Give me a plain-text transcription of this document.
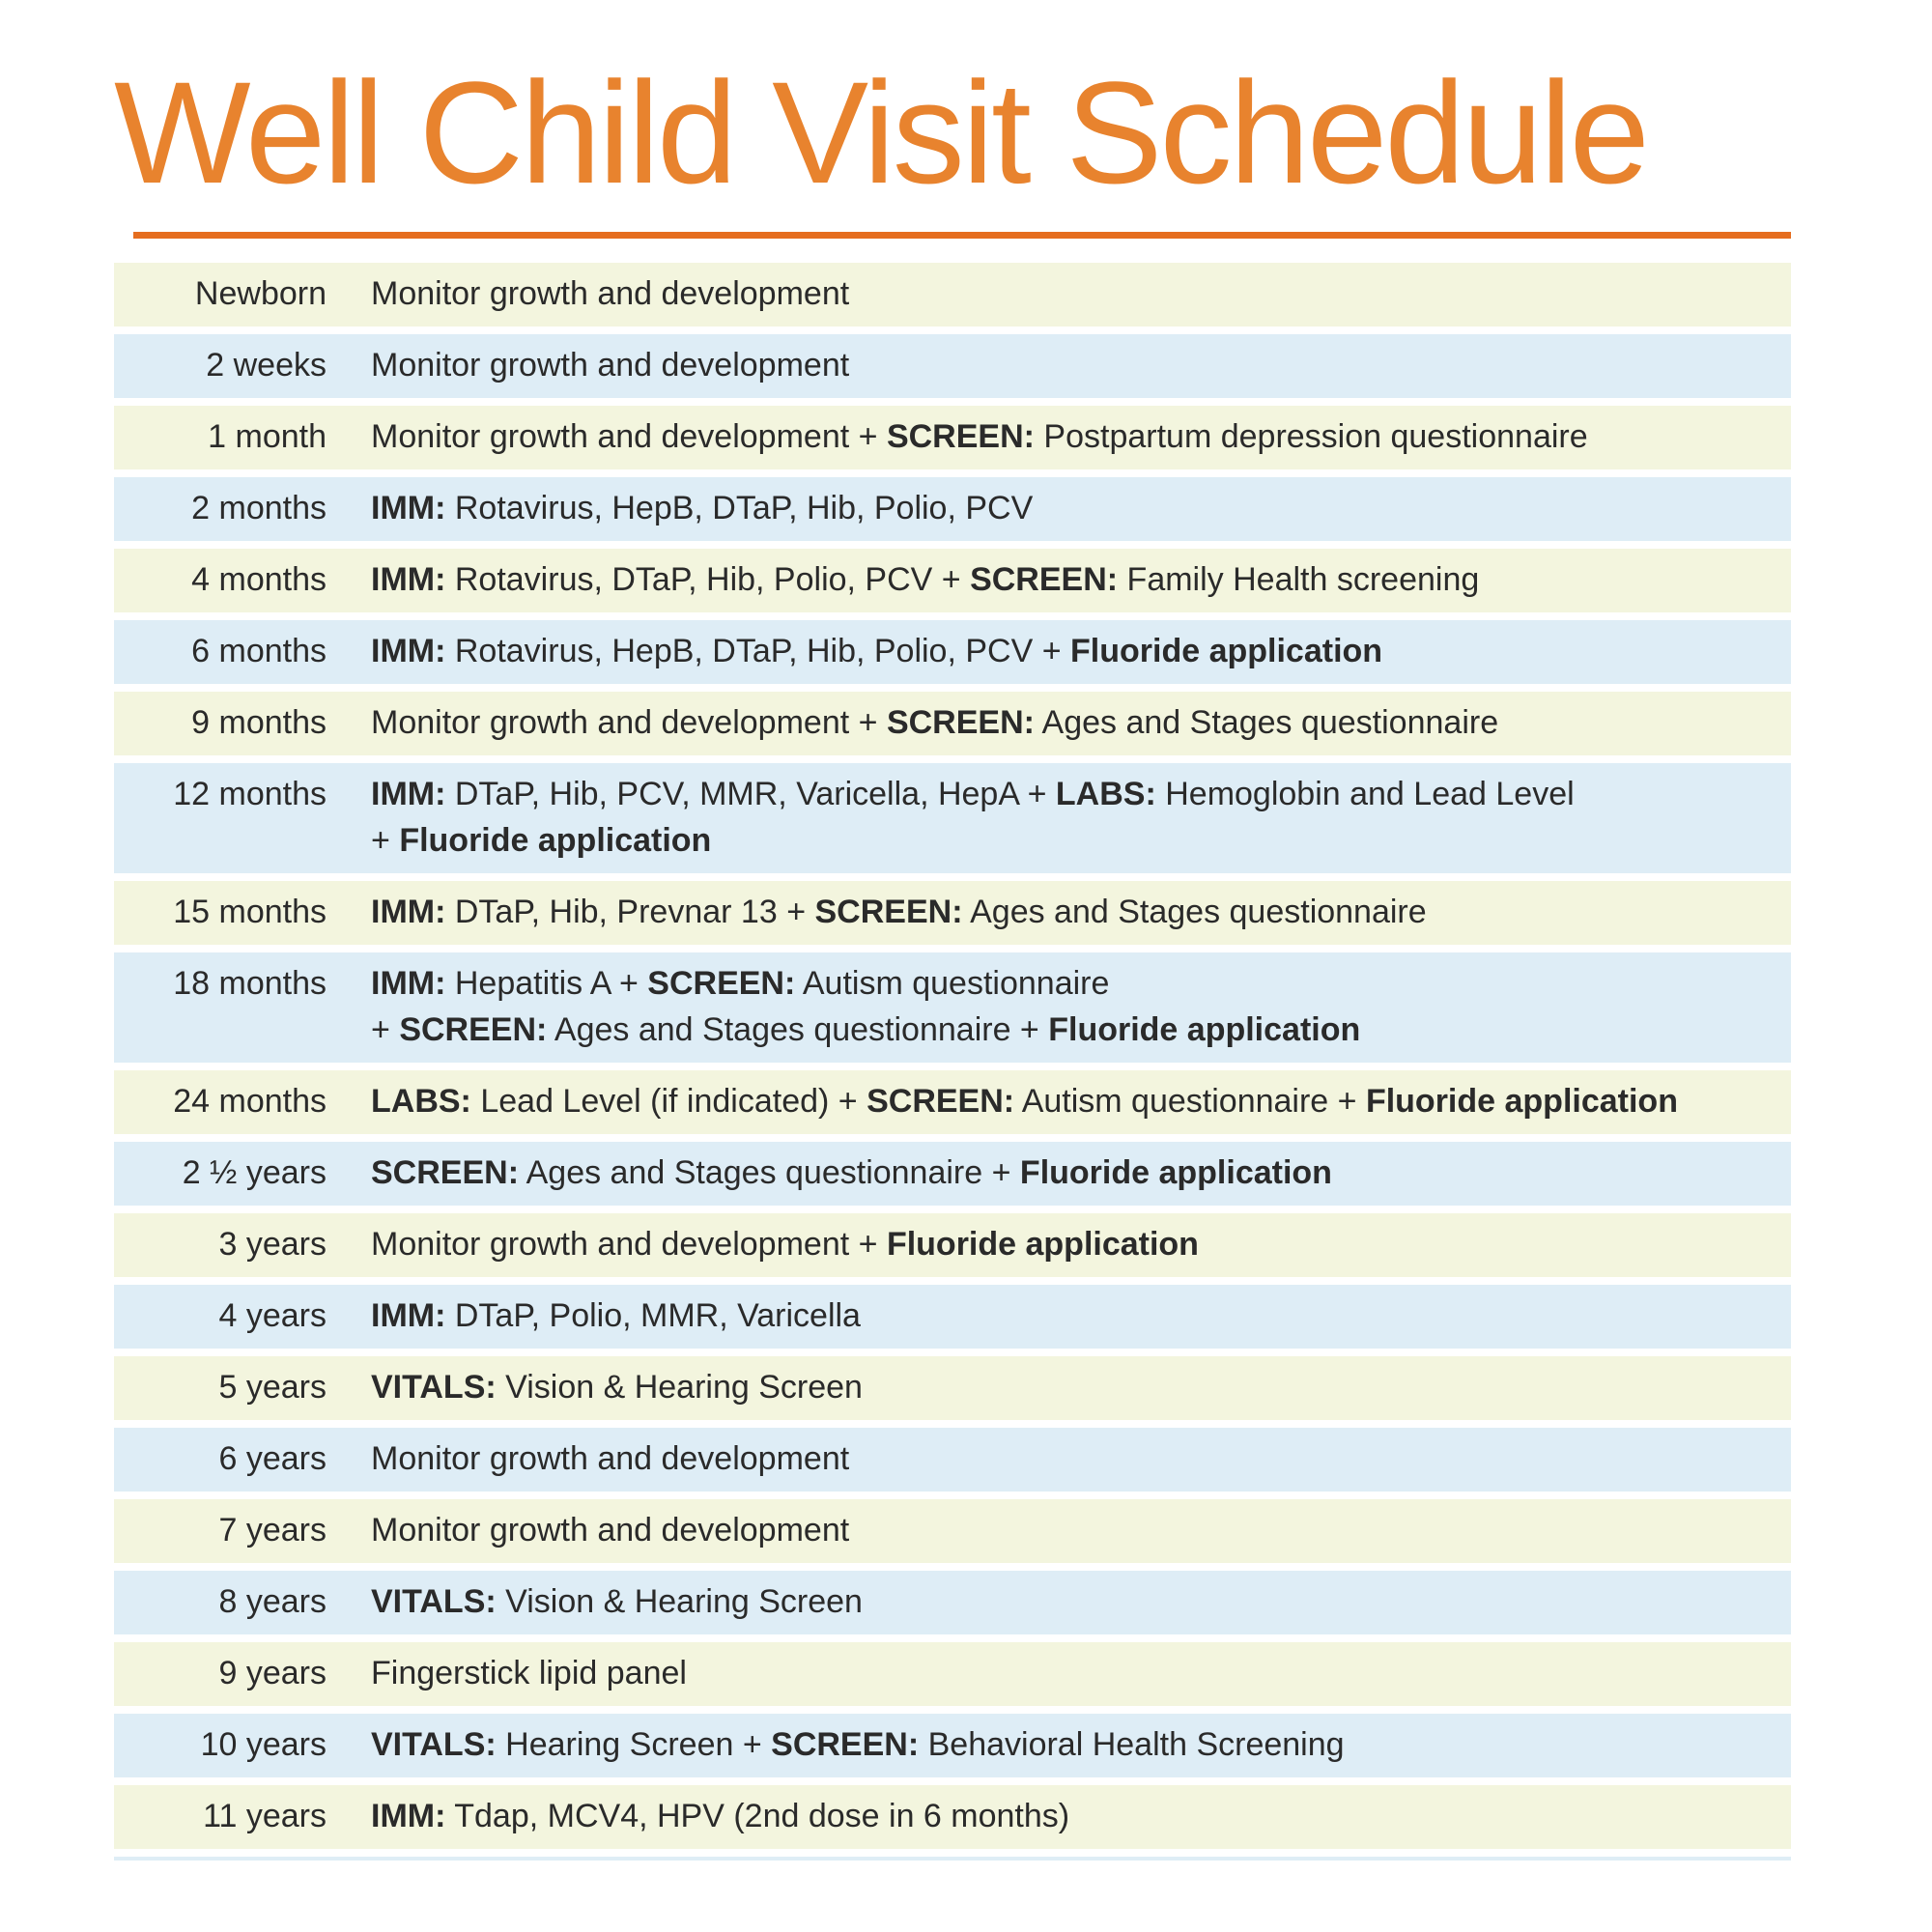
Well Child Visit Schedule
Newborn	Monitor growth and development

2 weeks	Monitor growth and development

1 month	Monitor growth and development + SCREEN: Postpartum depression questionnaire

2 months	IMM: Rotavirus, HepB, DTaP, Hib, Polio, PCV

4 months	IMM: Rotavirus, DTaP, Hib, Polio, PCV + SCREEN: Family Health screening

6 months	IMM: Rotavirus, HepB, DTaP, Hib, Polio, PCV + Fluoride application

9 months	Monitor growth and development + SCREEN: Ages and Stages questionnaire

12 months	IMM: DTaP, Hib, PCV, MMR, Varicella, HepA + LABS: Hemoglobin and Lead Level
+ Fluoride application

15 months	IMM: DTaP, Hib, Prevnar 13 + SCREEN: Ages and Stages questionnaire

18 months	IMM: Hepatitis A + SCREEN: Autism questionnaire
+ SCREEN: Ages and Stages questionnaire + Fluoride application

24 months	LABS: Lead Level (if indicated) + SCREEN: Autism questionnaire + Fluoride application

2 ½ years	SCREEN: Ages and Stages questionnaire + Fluoride application

3 years	Monitor growth and development + Fluoride application

4 years	IMM: DTaP, Polio, MMR, Varicella

5 years	VITALS: Vision & Hearing Screen

6 years	Monitor growth and development

7 years	Monitor growth and development

8 years	VITALS: Vision & Hearing Screen

9 years	Fingerstick lipid panel

10 years	VITALS: Hearing Screen + SCREEN: Behavioral Health Screening

11 years	IMM: Tdap, MCV4, HPV (2nd dose in 6 months)
